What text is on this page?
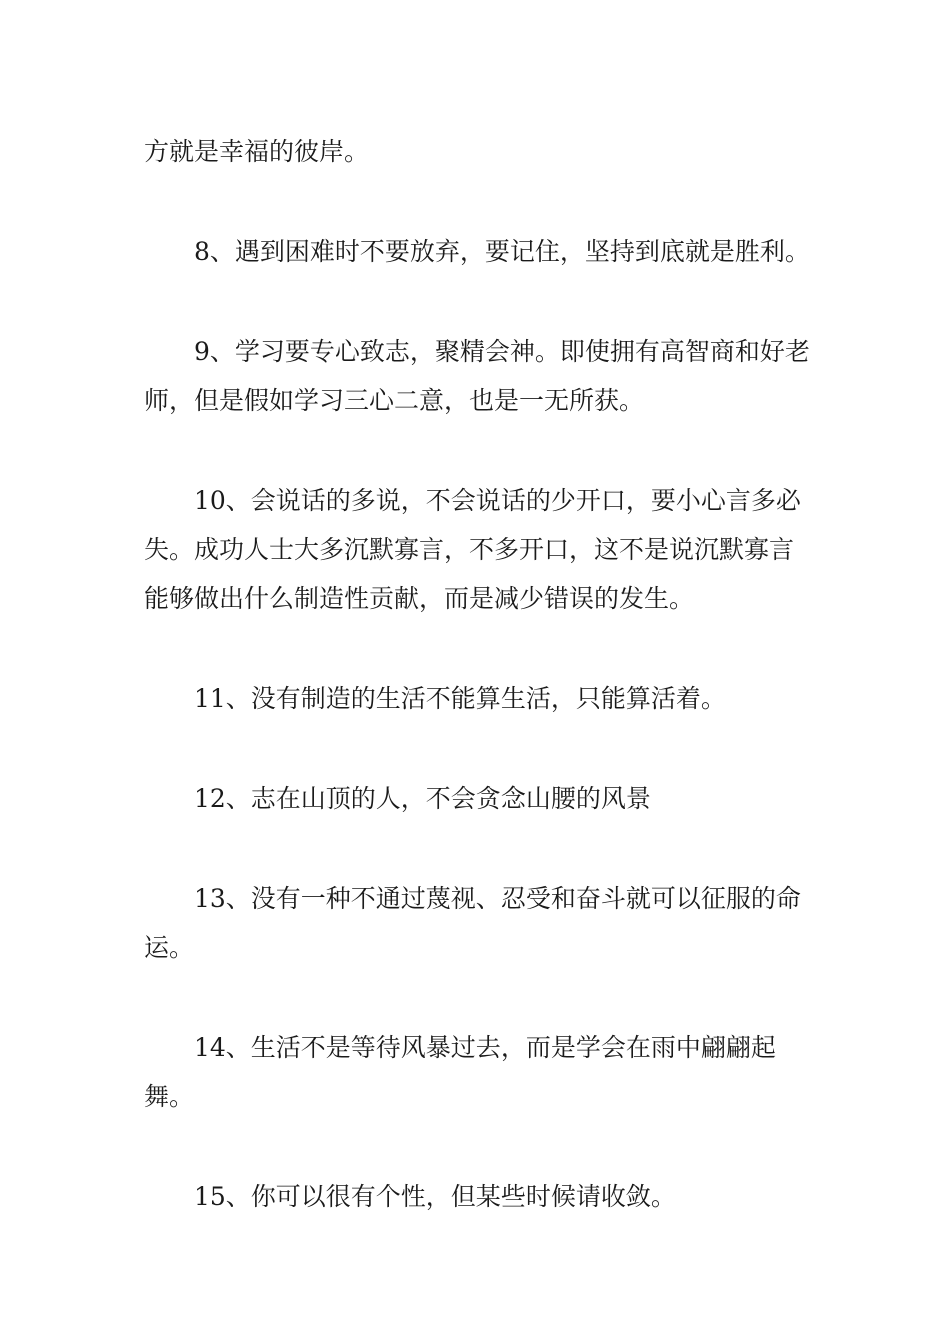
方就是幸福的彼岸。

8、遇到困难时不要放弃，要记住，坚持到底就是胜利。

9、学习要专心致志，聚精会神。即使拥有高智商和好老师，但是假如学习三心二意，也是一无所获。

10、会说话的多说，不会说话的少开口，要小心言多必失。成功人士大多沉默寡言，不多开口，这不是说沉默寡言能够做出什么制造性贡献，而是减少错误的发生。

11、没有制造的生活不能算生活，只能算活着。

12、志在山顶的人，不会贪念山腰的风景

13、没有一种不通过蔑视、忍受和奋斗就可以征服的命运。

14、生活不是等待风暴过去，而是学会在雨中翩翩起舞。

15、你可以很有个性，但某些时候请收敛。
